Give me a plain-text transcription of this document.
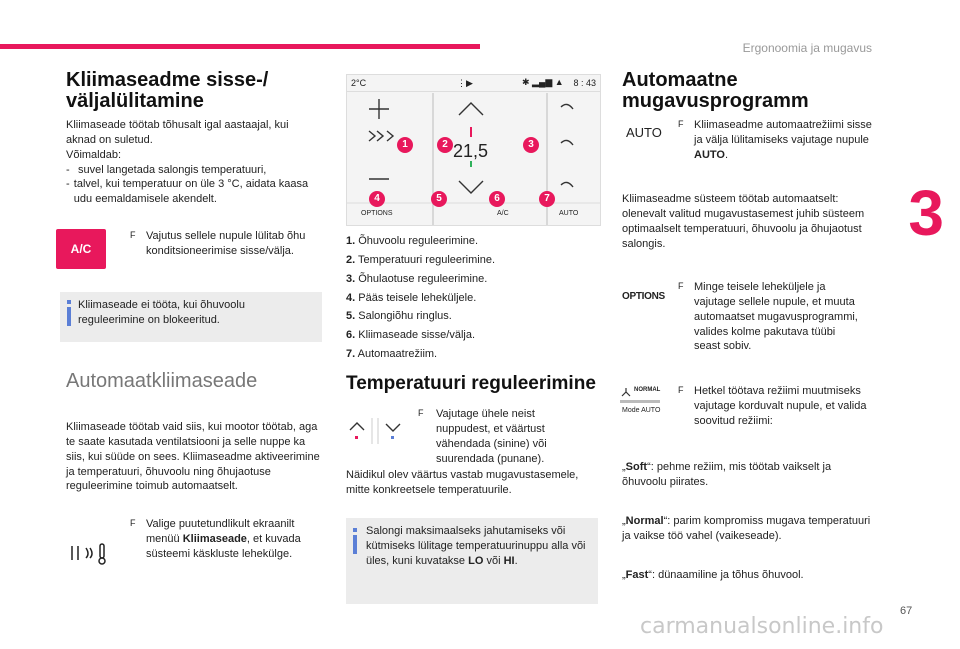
Ergonoomia ja mugavus
3
67
carmanualsonline.info
Kliimaseadme sisse-/ väljalülitamine
Kliimaseade töötab tõhusalt igal aastaajal, kui aknad on suletud.
Võimaldab:
- suvel langetada salongis temperatuuri,
- talvel, kui temperatuur on üle 3 °C, aidata kaasa udu eemaldamisele akendelt.
A/C
F Vajutus sellele nupule lülitab õhu konditsioneerimise sisse/välja.
Kliimaseade ei tööta, kui õhuvoolu reguleerimine on blokeeritud.
Automaatkliimaseade
Kliimaseade töötab vaid siis, kui mootor töötab, aga te saate kasutada ventilatsiooni ja selle nuppe ka siis, kui süüde on sees. Kliimaseadme aktiveerimine ja temperatuuri, õhuvoolu ning õhujaotuse reguleerimine toimub automaatselt.
F Valige puutetundlikult ekraanilt menüü Kliimaseade, et kuvada süsteemi käskluste lehekülge.
2°C	8 : 43
⋮▶	✱ ▂▄▆ ▲
21,5
OPTIONS	A/C	AUTO
1	2	3
4	5	6	7
1. Õhuvoolu reguleerimine.
2. Temperatuuri reguleerimine.
3. Õhulaotuse reguleerimine.
4. Pääs teisele leheküljele.
5. Salongiõhu ringlus.
6. Kliimaseade sisse/välja.
7. Automaatrežiim.
Temperatuuri reguleerimine
F Vajutage ühele neist nuppudest, et väärtust vähendada (sinine) või suurendada (punane).
Näidikul olev väärtus vastab mugavustasemele, mitte konkreetsele temperatuurile.
Salongi maksimaalseks jahutamiseks või kütmiseks lülitage temperatuurinuppu alla või üles, kuni kuvatakse LO või HI.
Automaatne mugavusprogramm
AUTO
F Kliimaseadme automaatrežiimi sisse ja välja lülitamiseks vajutage nupule AUTO.
Kliimaseadme süsteem töötab automaatselt: olenevalt valitud mugavustasemest juhib süsteem optimaalselt temperatuuri, õhuvoolu ja õhujaotust salongis.
OPTIONS
F Minge teisele leheküljele ja vajutage sellele nupule, et muuta automaatset mugavusprogrammi, valides kolme pakutava tüübi seast sobiv.
NORMAL
Mode AUTO
F Hetkel töötava režiimi muutmiseks vajutage korduvalt nupule, et valida soovitud režiimi:
„Soft“: pehme režiim, mis töötab vaikselt ja õhuvoolu piirates.
„Normal“: parim kompromiss mugava temperatuuri ja vaikse töö vahel (vaikeseade).
„Fast“: dünaamiline ja tõhus õhuvool.
